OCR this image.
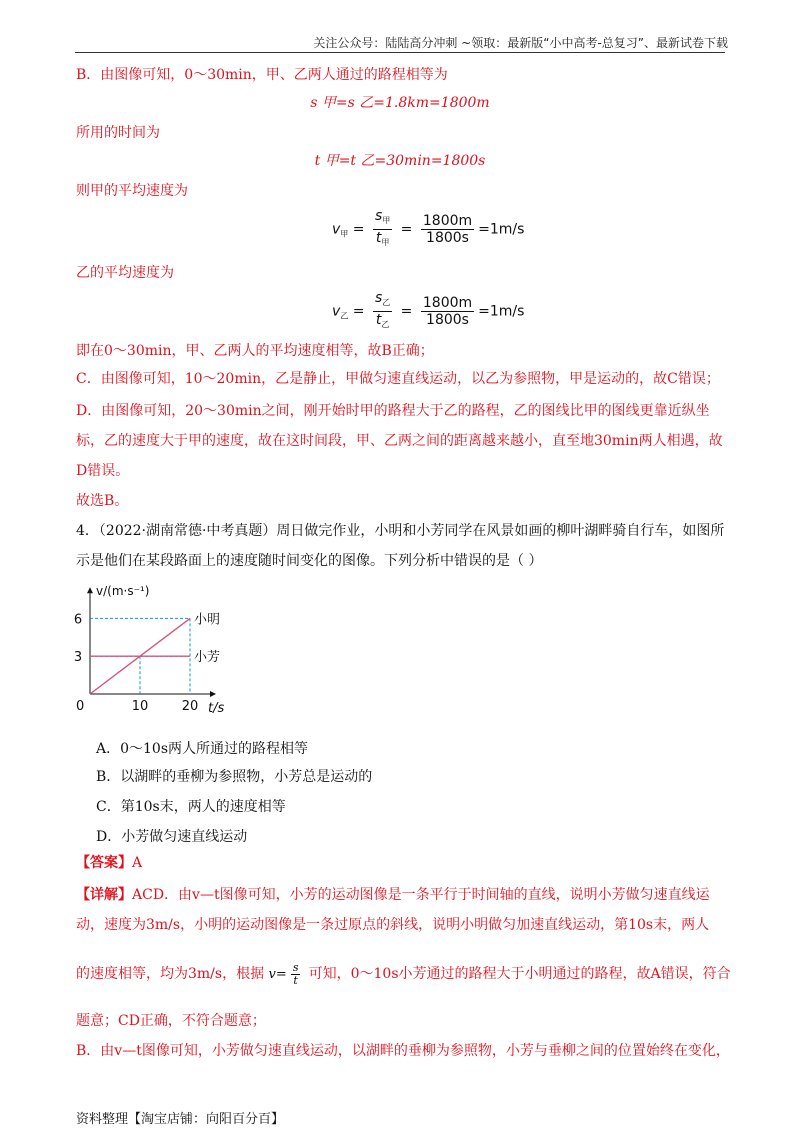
关注公众号：陆陆高分冲刺 ~领取：最新版“小中高考-总复习”、最新试卷下载
B．由图像可知，0～30min，甲、乙两人通过的路程相等为
s 甲=s 乙=1.8km=1800m
所用的时间为
t 甲=t 乙=30min=1800s
则甲的平均速度为
$v_甲 = \frac{s_甲}{t_甲} = \frac{1800m}{1800s} =1m/s$
乙的平均速度为
$v_乙 = \frac{s_乙}{t_乙} = \frac{1800m}{1800s} =1m/s$
即在0～30min，甲、乙两人的平均速度相等，故B正确；
C．由图像可知，10～20min，乙是静止，甲做匀速直线运动，以乙为参照物，甲是运动的，故C错误；
D．由图像可知，20～30min之间，刚开始时甲的路程大于乙的路程，乙的图线比甲的图线更靠近纵坐标，乙的速度大于甲的速度，故在这时间段，甲、乙两之间的距离越来越小，直至地30min两人相遇，故D错误。
故选B。
4．（2022·湖南常德·中考真题）周日做完作业，小明和小芳同学在风景如画的柳叶湖畔骑自行车，如图所示是他们在某段路面上的速度随时间变化的图像。下列分析中错误的是（ ）
小明
小芳
10	20
3
6
v/(m·s⁻¹)
t/s
0
A．0～10s两人所通过的路程相等
B．以湖畔的垂柳为参照物，小芳总是运动的
C．第10s末，两人的速度相等
D．小芳做匀速直线运动
【答案】A
【详解】ACD．由v—t图像可知，小芳的运动图像是一条平行于时间轴的直线，说明小芳做匀速直线运动，速度为3m/s，小明的运动图像是一条过原点的斜线，说明小明做匀加速直线运动，第10s末，两人
的速度相等，均为3m/s，根据 $v= \frac{s}{t}$ 可知，0～10s小芳通过的路程大于小明通过的路程，故A错误，符合
题意；CD正确，不符合题意；
B．由v—t图像可知，小芳做匀速直线运动，以湖畔的垂柳为参照物，小芳与垂柳之间的位置始终在变化，
资料整理【淘宝店铺：向阳百分百】
